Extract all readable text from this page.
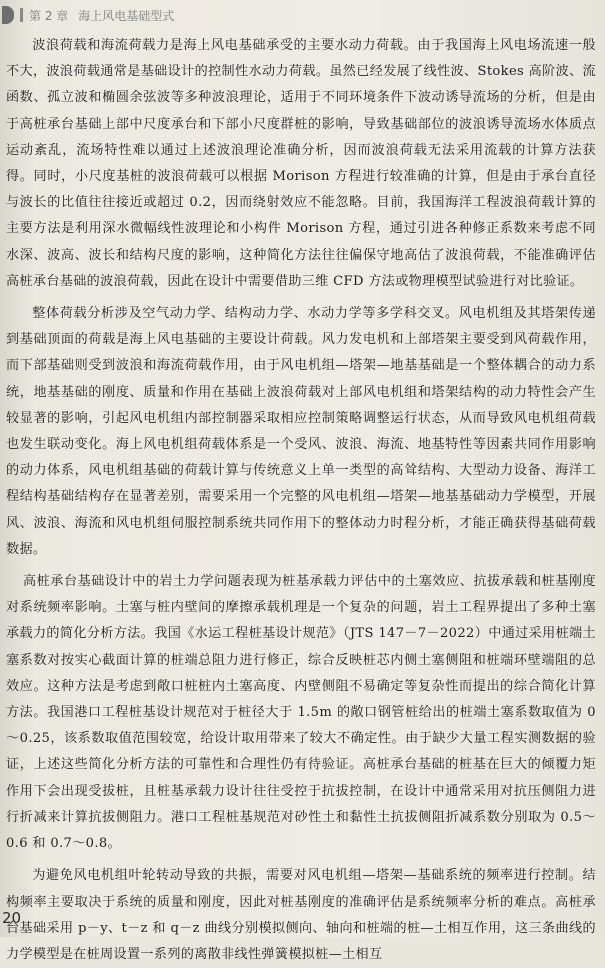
第 2 章 海上风电基础型式

波浪荷载和海流荷载力是海上风电基础承受的主要水动力荷载。由于我国海上风电场流速一般不大，波浪荷载通常是基础设计的控制性水动力荷载。虽然已经发展了线性波、Stokes 高阶波、流函数、孤立波和椭圆余弦波等多种波浪理论，适用于不同环境条件下波动诱导流场的分析，但是由于高桩承台基础上部中尺度承台和下部小尺度群桩的影响，导致基础部位的波浪诱导流场水体质点运动紊乱，流场特性难以通过上述波浪理论准确分析，因而波浪荷载无法采用流载的计算方法获得。同时，小尺度基桩的波浪荷载可以根据 Morison 方程进行较准确的计算，但是由于承台直径与波长的比值往往接近或超过 0.2，因而绕射效应不能忽略。目前，我国海洋工程波浪荷载计算的主要方法是利用深水微幅线性波理论和小构件 Morison 方程，通过引进各种修正系数来考虑不同水深、波高、波长和结构尺度的影响，这种简化方法往往偏保守地高估了波浪荷载，不能准确评估高桩承台基础的波浪荷载，因此在设计中需要借助三维 CFD 方法或物理模型试验进行对比验证。

整体荷载分析涉及空气动力学、结构动力学、水动力学等多学科交叉。风电机组及其塔架传递到基础顶面的荷载是海上风电基础的主要设计荷载。风力发电机和上部塔架主要受到风荷载作用，而下部基础则受到波浪和海流荷载作用，由于风电机组—塔架—地基基础是一个整体耦合的动力系统，地基基础的刚度、质量和作用在基础上波浪荷载对上部风电机组和塔架结构的动力特性会产生较显著的影响，引起风电机组内部控制器采取相应控制策略调整运行状态，从而导致风电机组荷载也发生联动变化。海上风电机组荷载体系是一个受风、波浪、海流、地基特性等因素共同作用影响的动力体系，风电机组基础的荷载计算与传统意义上单一类型的高耸结构、大型动力设备、海洋工程结构基础结构存在显著差别，需要采用一个完整的风电机组—塔架—地基基础动力学模型，开展风、波浪、海流和风电机组伺服控制系统共同作用下的整体动力时程分析，才能正确获得基础荷载数据。

高桩承台基础设计中的岩土力学问题表现为桩基承载力评估中的土塞效应、抗拔承载和桩基刚度对系统频率影响。土塞与桩内壁间的摩擦承载机理是一个复杂的问题，岩土工程界提出了多种土塞承载力的简化分析方法。我国《水运工程桩基设计规范》（JTS 147－7－2022）中通过采用桩端土塞系数对按实心截面计算的桩端总阻力进行修正，综合反映桩芯内侧土塞侧阻和桩端环壁端阻的总效应。这种方法是考虑到敞口桩桩内土塞高度、内壁侧阻不易确定等复杂性而提出的综合简化计算方法。我国港口工程桩基设计规范对于桩径大于 1.5m 的敞口钢管桩给出的桩端土塞系数取值为 0～0.25，该系数取值范围较宽，给设计取用带来了较大不确定性。由于缺少大量工程实测数据的验证，上述这些简化分析方法的可靠性和合理性仍有待验证。高桩承台基础的桩基在巨大的倾覆力矩作用下会出现受拔桩，且桩基承载力设计往往受控于抗拔控制，在设计中通常采用对抗压侧阻力进行折减来计算抗拔侧阻力。港口工程桩基规范对砂性土和黏性土抗拔侧阻折减系数分别取为 0.5～0.6 和 0.7～0.8。

为避免风电机组叶轮转动导致的共振，需要对风电机组—塔架—基础系统的频率进行控制。结构频率主要取决于系统的质量和刚度，因此对桩基刚度的准确评估是系统频率分析的难点。高桩承台基础采用 p－y、t－z 和 q－z 曲线分别模拟侧向、轴向和桩端的桩—土相互作用，这三条曲线的力学模型是在桩周设置一系列的离散非线性弹簧模拟桩—土相互

20
